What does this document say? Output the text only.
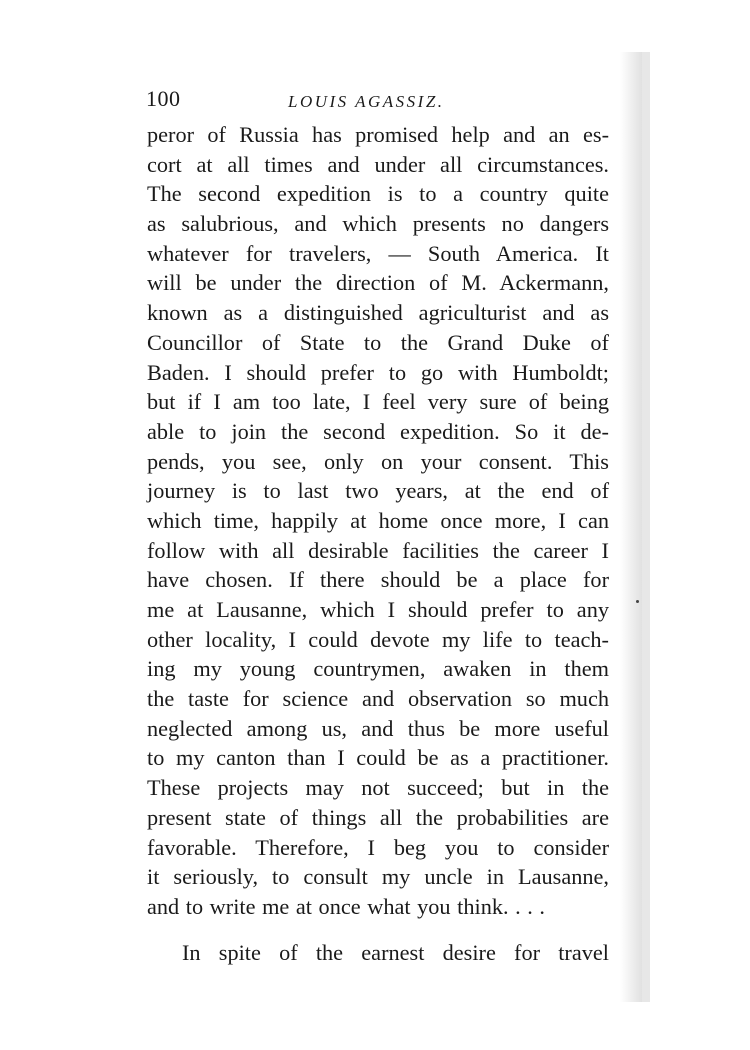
100	LOUIS AGASSIZ.
peror of Russia has promised help and an es-
cort at all times and under all circumstances.
The second expedition is to a country quite
as salubrious, and which presents no dangers
whatever for travelers, — South America. It
will be under the direction of M. Ackermann,
known as a distinguished agriculturist and as
Councillor of State to the Grand Duke of
Baden. I should prefer to go with Humboldt;
but if I am too late, I feel very sure of being
able to join the second expedition. So it de-
pends, you see, only on your consent. This
journey is to last two years, at the end of
which time, happily at home once more, I can
follow with all desirable facilities the career I
have chosen. If there should be a place for
me at Lausanne, which I should prefer to any
other locality, I could devote my life to teach-
ing my young countrymen, awaken in them
the taste for science and observation so much
neglected among us, and thus be more useful
to my canton than I could be as a practitioner.
These projects may not succeed; but in the
present state of things all the probabilities are
favorable. Therefore, I beg you to consider
it seriously, to consult my uncle in Lausanne,
and to write me at once what you think. . . .
In spite of the earnest desire for travel
